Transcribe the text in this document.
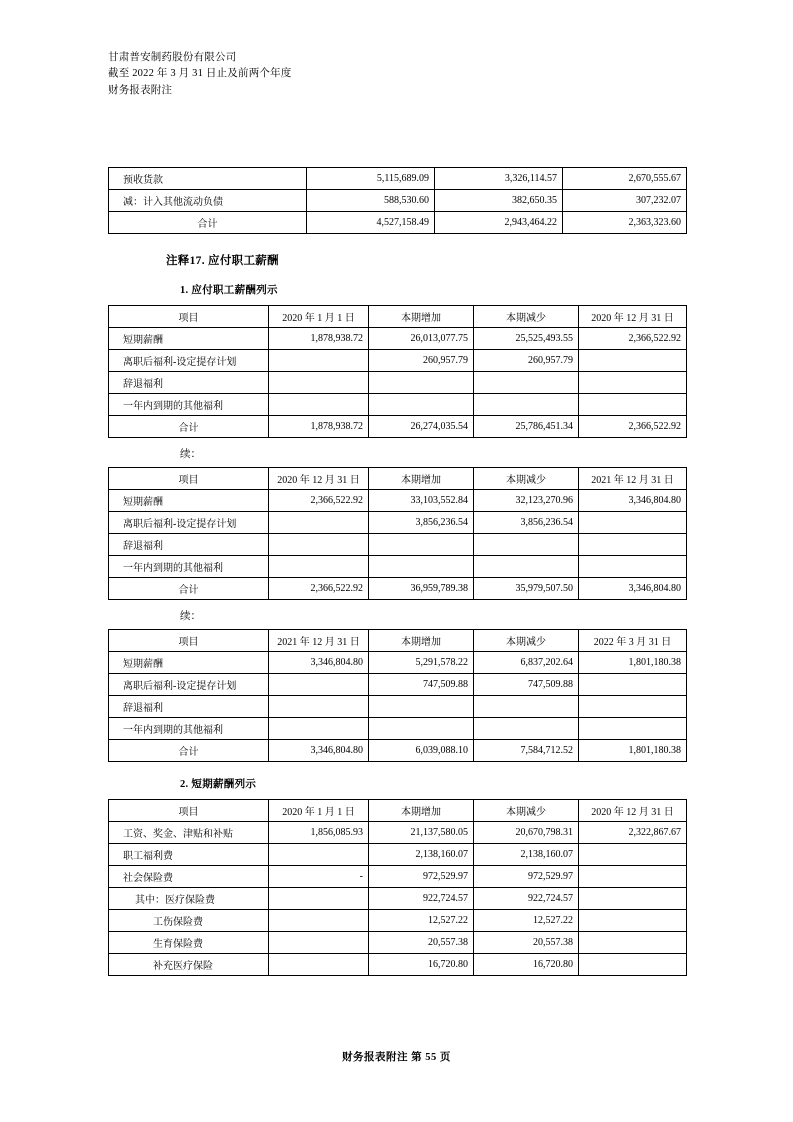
甘肃普安制药股份有限公司
截至 2022 年 3 月 31 日止及前两个年度
财务报表附注
预收货款	5,115,689.09	3,326,114.57	2,670,555.67
减：计入其他流动负债	588,530.60	382,650.35	307,232.07
合计	4,527,158.49	2,943,464.22	2,363,323.60
注释17. 应付职工薪酬
1. 应付职工薪酬列示
项目	2020 年 1 月 1 日	本期增加	本期减少	2020 年 12 月 31 日
短期薪酬	1,878,938.72	26,013,077.75	25,525,493.55	2,366,522.92
离职后福利-设定提存计划		260,957.79	260,957.79	
辞退福利				
一年内到期的其他福利				
合计	1,878,938.72	26,274,035.54	25,786,451.34	2,366,522.92
续：
项目	2020 年 12 月 31 日	本期增加	本期减少	2021 年 12 月 31 日
短期薪酬	2,366,522.92	33,103,552.84	32,123,270.96	3,346,804.80
离职后福利-设定提存计划		3,856,236.54	3,856,236.54	
辞退福利				
一年内到期的其他福利				
合计	2,366,522.92	36,959,789.38	35,979,507.50	3,346,804.80
续：
项目	2021 年 12 月 31 日	本期增加	本期减少	2022 年 3 月 31 日
短期薪酬	3,346,804.80	5,291,578.22	6,837,202.64	1,801,180.38
离职后福利-设定提存计划		747,509.88	747,509.88	
辞退福利				
一年内到期的其他福利				
合计	3,346,804.80	6,039,088.10	7,584,712.52	1,801,180.38
2. 短期薪酬列示
项目	2020 年 1 月 1 日	本期增加	本期减少	2020 年 12 月 31 日
工资、奖金、津贴和补贴	1,856,085.93	21,137,580.05	20,670,798.31	2,322,867.67
职工福利费		2,138,160.07	2,138,160.07	
社会保险费	-	972,529.97	972,529.97	
其中：医疗保险费		922,724.57	922,724.57	
工伤保险费		12,527.22	12,527.22	
生育保险费		20,557.38	20,557.38	
补充医疗保险		16,720.80	16,720.80	
财务报表附注 第 55 页
